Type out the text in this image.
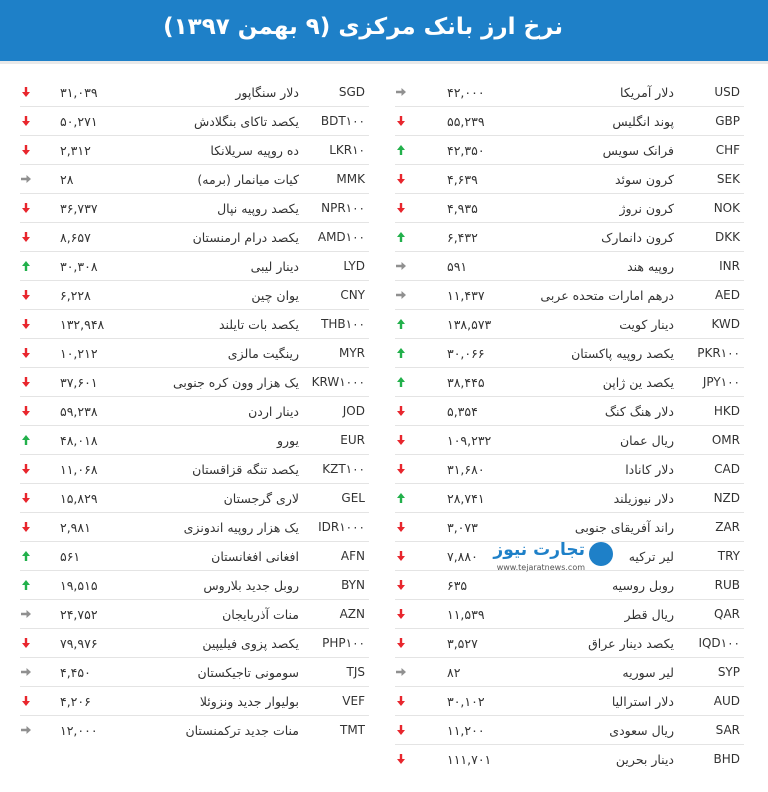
نرخ ارز بانک مرکزی (۹ بهمن ۱۳۹۷)
USD
دلار آمریکا
۴۲,۰۰۰
GBP
پوند انگلیس
۵۵,۲۳۹
CHF
فرانک سویس
۴۲,۳۵۰
SEK
کرون سوئد
۴,۶۳۹
NOK
کرون نروژ
۴,۹۳۵
DKK
کرون دانمارک
۶,۴۳۲
INR
روپیه هند
۵۹۱
AED
درهم امارات متحده عربی
۱۱,۴۳۷
KWD
دینار کویت
۱۳۸,۵۷۳
PKR۱۰۰
یکصد روپیه پاکستان
۳۰,۰۶۶
JPY۱۰۰
یکصد ین ژاپن
۳۸,۴۴۵
HKD
دلار هنگ کنگ
۵,۳۵۴
OMR
ریال عمان
۱۰۹,۲۳۲
CAD
دلار کانادا
۳۱,۶۸۰
NZD
دلار نیوزیلند
۲۸,۷۴۱
ZAR
راند آفریقای جنوبی
۳,۰۷۳
TRY
لیر ترکیه
۷,۸۸۰
RUB
روبل روسیه
۶۳۵
QAR
ریال قطر
۱۱,۵۳۹
IQD۱۰۰
یکصد دینار عراق
۳,۵۲۷
SYP
لیر سوریه
۸۲
AUD
دلار استرالیا
۳۰,۱۰۲
SAR
ریال سعودی
۱۱,۲۰۰
BHD
دینار بحرین
۱۱۱,۷۰۱
SGD
دلار سنگاپور
۳۱,۰۳۹
BDT۱۰۰
یکصد تاکای بنگلادش
۵۰,۲۷۱
LKR۱۰
ده روپیه سریلانکا
۲,۳۱۲
MMK
کیات میانمار (برمه)
۲۸
NPR۱۰۰
یکصد روپیه نپال
۳۶,۷۳۷
AMD۱۰۰
یکصد درام ارمنستان
۸,۶۵۷
LYD
دینار لیبی
۳۰,۳۰۸
CNY
یوان چین
۶,۲۲۸
THB۱۰۰
یکصد بات تایلند
۱۳۲,۹۴۸
MYR
رینگیت مالزی
۱۰,۲۱۲
KRW۱۰۰۰
یک هزار وون کره جنوبی
۳۷,۶۰۱
JOD
دینار اردن
۵۹,۲۳۸
EUR
یورو
۴۸,۰۱۸
KZT۱۰۰
یکصد تنگه قزاقستان
۱۱,۰۶۸
GEL
لاری گرجستان
۱۵,۸۲۹
IDR۱۰۰۰
یک هزار روپیه اندونزی
۲,۹۸۱
AFN
افغانی افغانستان
۵۶۱
BYN
روبل جدید بلاروس
۱۹,۵۱۵
AZN
منات آذربایجان
۲۴,۷۵۲
PHP۱۰۰
یکصد پزوی فیلیپین
۷۹,۹۷۶
TJS
سومونی تاجیکستان
۴,۴۵۰
VEF
بولیوار جدید ونزوئلا
۴,۲۰۶
TMT
منات جدید ترکمنستان
۱۲,۰۰۰
تجارت نیوز
www.tejaratnews.com
